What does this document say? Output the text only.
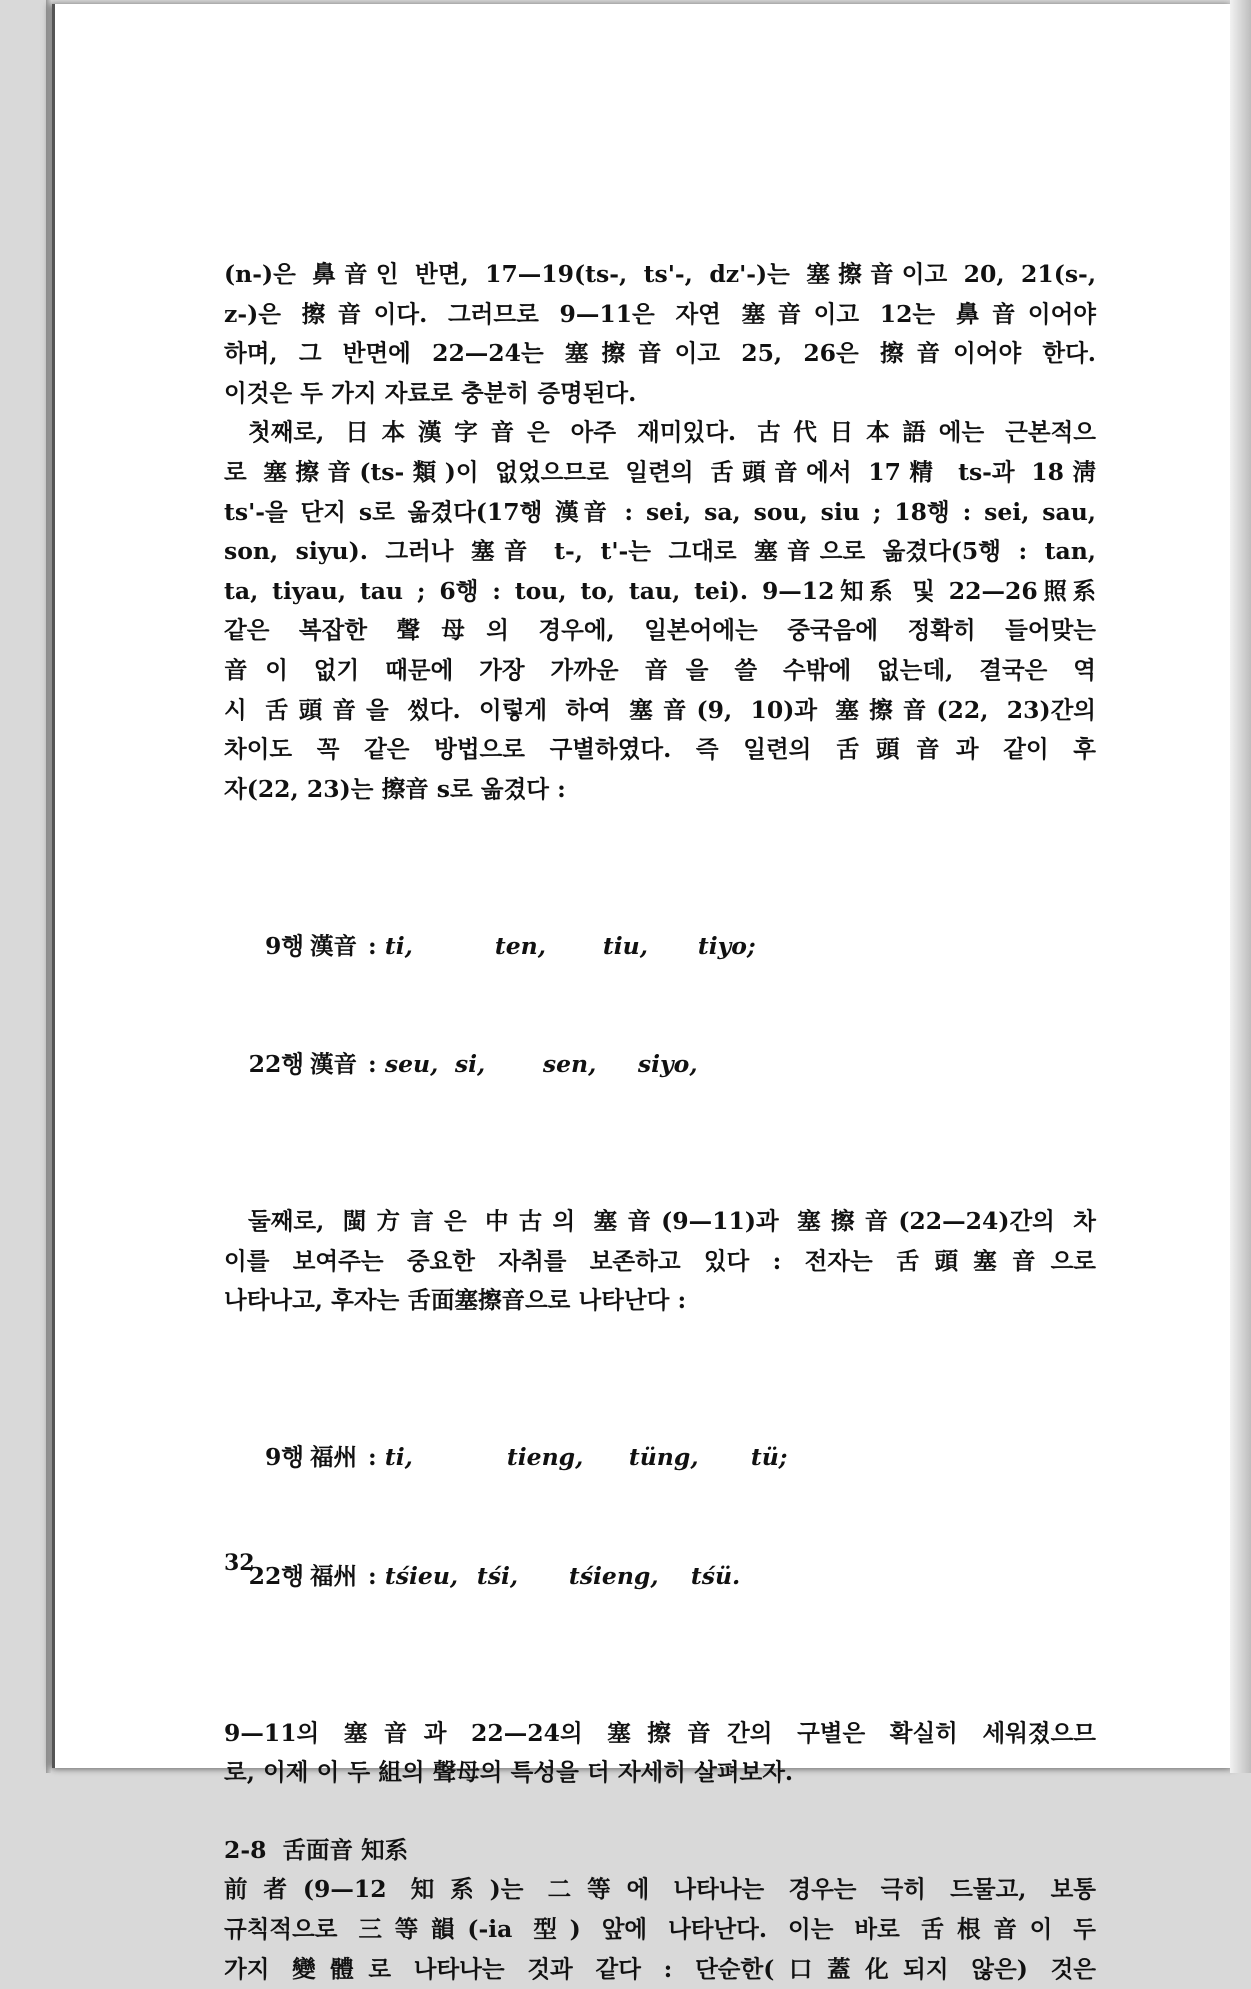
(n-)은 鼻音인 반면, 17—19(ts-, ts'-, dz'-)는 塞擦音이고 20, 21(s-,
z-)은 擦音이다. 그러므로 9—11은 자연 塞音이고 12는 鼻音이어야
하며, 그 반면에 22—24는 塞擦音이고 25, 26은 擦音이어야 한다.
이것은 두 가지 자료로 충분히 증명된다.
첫째로, 日本漢字音은 아주 재미있다. 古代日本語에는 근본적으
로 塞擦音(ts-類)이 없었으므로 일련의 舌頭音에서 17精 ts-과 18淸
ts'-을 단지 s로 옮겼다(17행 漢音 : sei, sa, sou, siu ; 18행 : sei, sau,
son, siyu). 그러나 塞音 t-, t'-는 그대로 塞音으로 옮겼다(5행 : tan,
ta, tiyau, tau ; 6행 : tou, to, tau, tei). 9—12知系 및 22—26照系
같은 복잡한 聲母의 경우에, 일본어에는 중국음에 정확히 들어맞는
音이 없기 때문에 가장 가까운 音을 쓸 수밖에 없는데, 결국은 역
시 舌頭音을 썼다. 이렇게 하여 塞音(9, 10)과 塞擦音(22, 23)간의
차이도 꼭 같은 방법으로 구별하였다. 즉 일련의 舌頭音과 같이 후
자(22, 23)는 擦音 s로 옮겼다 :

9행 漢音 : ti,	ten, tiu, tiyo;

22행 漢音 : seu, si, sen, siyo,

둘째로, 閩方言은 中古의 塞音(9—11)과 塞擦音(22—24)간의 차
이를 보여주는 중요한 자취를 보존하고 있다 : 전자는 舌頭塞音으로
나타나고, 후자는 舌面塞擦音으로 나타난다 :

9행 福州 : ti,	tieng, tüng, tü;

22행 福州 : tśieu, tśi, tśieng, tśü.

9—11의 塞音과 22—24의 塞擦音간의 구별은 확실히 세워졌으므
로, 이제 이 두 組의 聲母의 특성을 더 자세히 살펴보자.
2-8 舌面音 知系
前者(9—12 知系)는 二等에 나타나는 경우는 극히 드물고, 보통
규칙적으로 三等韻(-ia 型) 앞에 나타난다. 이는 바로 舌根音이 두
가지 變體로 나타나는 것과 같다 : 단순한(口蓋化되지 않은) 것은
32
